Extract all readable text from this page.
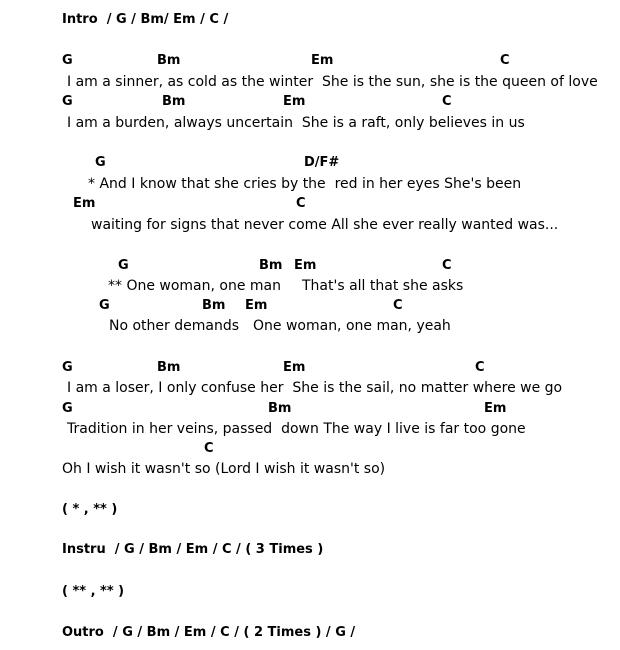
Intro  / G / Bm/ Em / C /
G	Bm	Em	C
I am a sinner, as cold as the winter  She is the sun, she is the queen of love
G	Bm	Em	C
I am a burden, always uncertain  She is a raft, only believes in us
G	D/F#
* And I know that she cries by the  red in her eyes She's been
Em	C
waiting for signs that never come All she ever really wanted was...
G	Bm Em	C
** One woman, one man That's all that she asks
G	Bm Em	C
No other demands One woman, one man, yeah
G	Bm	Em	C
I am a loser, I only confuse her  She is the sail, no matter where we go
G	Bm	Em
Tradition in her veins, passed  down The way I live is far too gone
C
Oh I wish it wasn't so (Lord I wish it wasn't so)
( * , ** )
Instru  / G / Bm / Em / C / ( 3 Times )
( ** , ** )
Outro  / G / Bm / Em / C / ( 2 Times ) / G /
